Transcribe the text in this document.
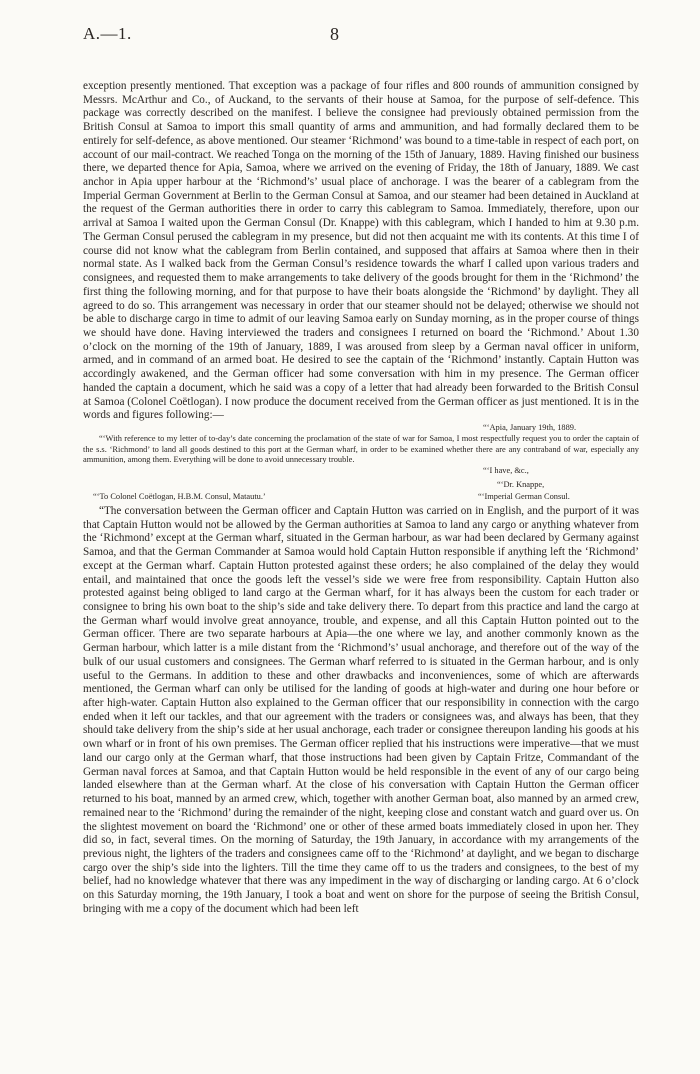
A.—1.	8

exception presently mentioned. That exception was a package of four rifles and 800 rounds of ammunition consigned by Messrs. McArthur and Co., of Auckand, to the servants of their house at Samoa, for the purpose of self-defence. This package was correctly described on the manifest. I believe the consignee had previously obtained permission from the British Consul at Samoa to import this small quantity of arms and ammunition, and had formally declared them to be entirely for self-defence, as above mentioned. Our steamer ‘Richmond’ was bound to a time-table in respect of each port, on account of our mail-contract. We reached Tonga on the morning of the 15th of January, 1889. Having finished our business there, we departed thence for Apia, Samoa, where we arrived on the evening of Friday, the 18th of January, 1889. We cast anchor in Apia upper harbour at the ‘Richmond’s’ usual place of anchorage. I was the bearer of a cablegram from the Imperial German Government at Berlin to the German Consul at Samoa, and our steamer had been detained in Auckland at the request of the German authorities there in order to carry this cablegram to Samoa. Immediately, therefore, upon our arrival at Samoa I waited upon the German Consul (Dr. Knappe) with this cablegram, which I handed to him at 9.30 p.m. The German Consul perused the cablegram in my presence, but did not then acquaint me with its contents. At this time I of course did not know what the cablegram from Berlin contained, and supposed that affairs at Samoa where then in their normal state. As I walked back from the German Consul’s residence towards the wharf I called upon various traders and consignees, and requested them to make arrangements to take delivery of the goods brought for them in the ‘Richmond’ the first thing the following morning, and for that purpose to have their boats alongside the ‘Richmond’ by daylight. They all agreed to do so. This arrangement was necessary in order that our steamer should not be delayed; otherwise we should not be able to discharge cargo in time to admit of our leaving Samoa early on Sunday morning, as in the proper course of things we should have done. Having interviewed the traders and consignees I returned on board the ‘Richmond.’ About 1.30 o’clock on the morning of the 19th of January, 1889, I was aroused from sleep by a German naval officer in uniform, armed, and in command of an armed boat. He desired to see the captain of the ‘Richmond’ instantly. Captain Hutton was accordingly awakened, and the German officer had some conversation with him in my presence. The German officer handed the captain a document, which he said was a copy of a letter that had already been forwarded to the British Consul at Samoa (Colonel Coëtlogan). I now produce the document received from the German officer as just mentioned. It is in the words and figures following:—

“‘Apia, January 19th, 1889.
“‘With reference to my letter of to-day’s date concerning the proclamation of the state of war for Samoa, I most respectfully request you to order the captain of the s.s. ‘Richmond’ to land all goods destined to this port at the German wharf, in order to be examined whether there are any contraband of war, especially any ammunition, among them. Everything will be done to avoid unnecessary trouble.
“‘I have, &c.,
“‘Dr. Knappe,
“‘To Colonel Coëtlogan, H.B.M. Consul, Matautu.’	“‘Imperial German Consul.

“The conversation between the German officer and Captain Hutton was carried on in English, and the purport of it was that Captain Hutton would not be allowed by the German authorities at Samoa to land any cargo or anything whatever from the ‘Richmond’ except at the German wharf, situated in the German harbour, as war had been declared by Germany against Samoa, and that the German Commander at Samoa would hold Captain Hutton responsible if anything left the ‘Richmond’ except at the German wharf. Captain Hutton protested against these orders; he also complained of the delay they would entail, and maintained that once the goods left the vessel’s side we were free from responsibility. Captain Hutton also protested against being obliged to land cargo at the German wharf, for it has always been the custom for each trader or consignee to bring his own boat to the ship’s side and take delivery there. To depart from this practice and land the cargo at the German wharf would involve great annoyance, trouble, and expense, and all this Captain Hutton pointed out to the German officer. There are two separate harbours at Apia—the one where we lay, and another commonly known as the German harbour, which latter is a mile distant from the ‘Richmond’s’ usual anchorage, and therefore out of the way of the bulk of our usual customers and consignees. The German wharf referred to is situated in the German harbour, and is only useful to the Germans. In addition to these and other drawbacks and inconveniences, some of which are afterwards mentioned, the German wharf can only be utilised for the landing of goods at high-water and during one hour before or after high-water. Captain Hutton also explained to the German officer that our responsibility in connection with the cargo ended when it left our tackles, and that our agreement with the traders or consignees was, and always has been, that they should take delivery from the ship’s side at her usual anchorage, each trader or consignee thereupon landing his goods at his own wharf or in front of his own premises. The German officer replied that his instructions were imperative—that we must land our cargo only at the German wharf, that those instructions had been given by Captain Fritze, Commandant of the German naval forces at Samoa, and that Captain Hutton would be held responsible in the event of any of our cargo being landed elsewhere than at the German wharf. At the close of his conversation with Captain Hutton the German officer returned to his boat, manned by an armed crew, which, together with another German boat, also manned by an armed crew, remained near to the ‘Richmond’ during the remainder of the night, keeping close and constant watch and guard over us. On the slightest movement on board the ‘Richmond’ one or other of these armed boats immediately closed in upon her. They did so, in fact, several times. On the morning of Saturday, the 19th January, in accordance with my arrangements of the previous night, the lighters of the traders and consignees came off to the ‘Richmond’ at daylight, and we began to discharge cargo over the ship’s side into the lighters. Till the time they came off to us the traders and consignees, to the best of my belief, had no knowledge whatever that there was any impediment in the way of discharging or landing cargo. At 6 o’clock on this Saturday morning, the 19th January, I took a boat and went on shore for the purpose of seeing the British Consul, bringing with me a copy of the document which had been left
